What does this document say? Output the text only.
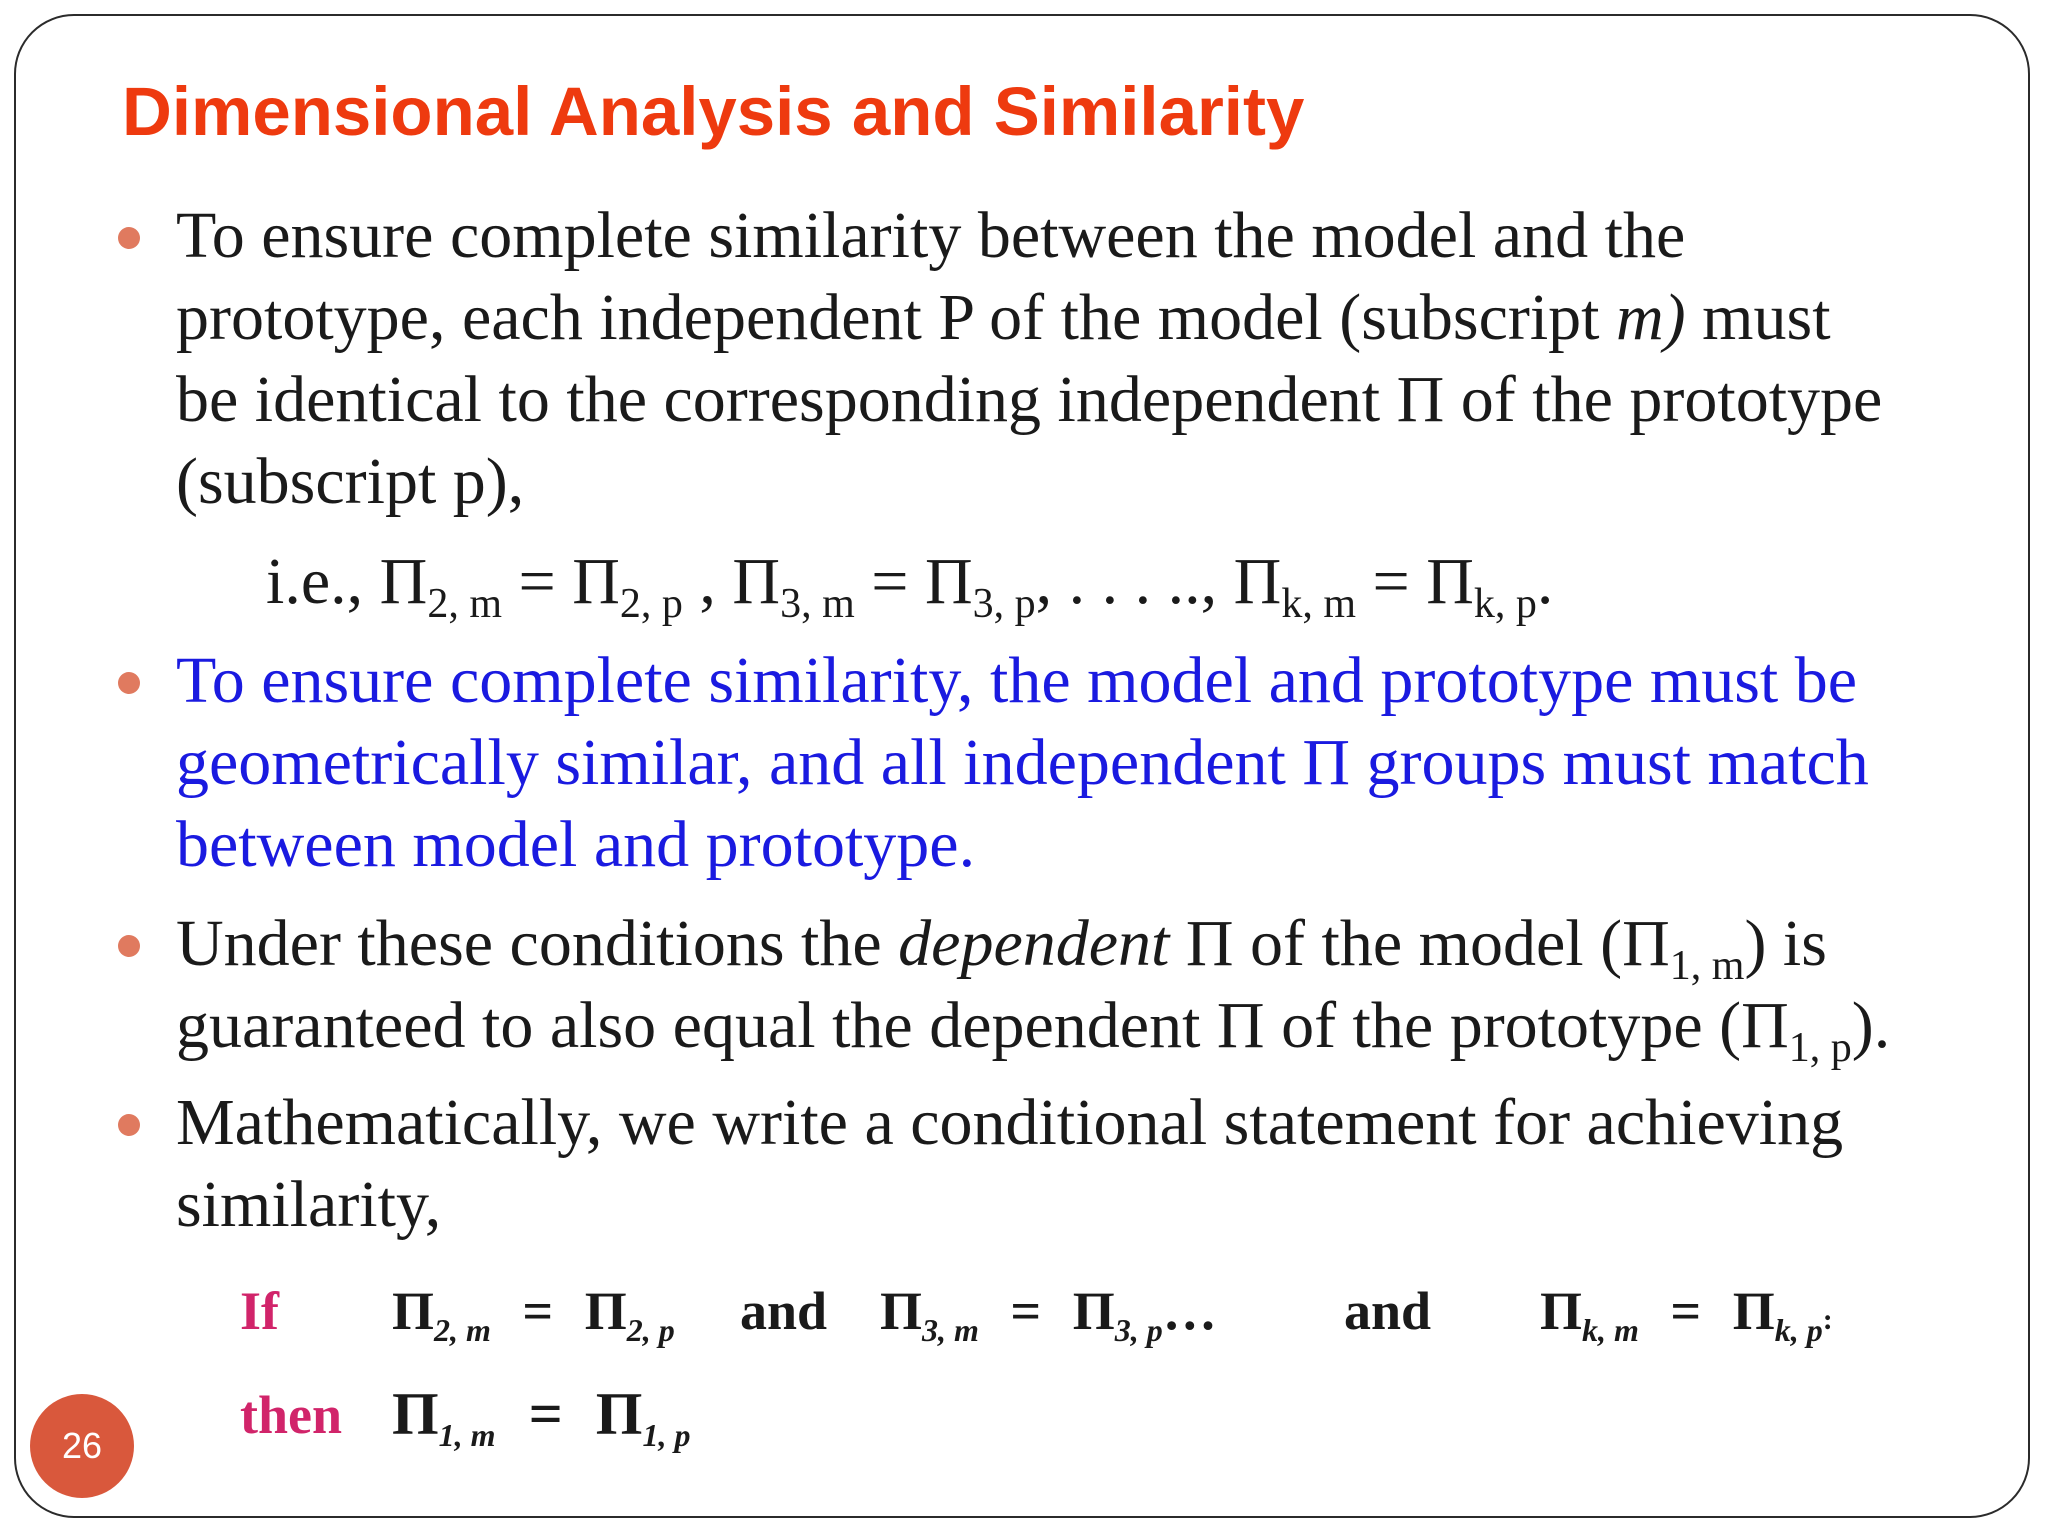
Dimensional Analysis and Similarity
To ensure complete similarity between the model and the
prototype, each independent P of the model (subscript m) must
be identical to the corresponding independent Π of the prototype
(subscript p),
i.e., $\Pi_{2, m} = \Pi_{2, p}$ , $\Pi_{3, m} = \Pi_{3, p}$, . . . .., $\Pi_{k, m} = \Pi_{k, p}$.
To ensure complete similarity, the model and prototype must be
geometrically similar, and all independent Π groups must match
between model and prototype.
Under these conditions the dependent Π of the model $(\Pi_{1, m})$ is
guaranteed to also equal the dependent Π of the prototype $(\Pi_{1, p})$.
Mathematically, we write a conditional statement for achieving
similarity,
If $\Pi_{2, m} = \Pi_{2, p}$ and $\Pi_{3, m}$ = $\Pi_{3, p}\dots$ and $\Pi_{k, m} = \Pi_{k, p}$:
then $\Pi_{1, m} = \Pi_{1, p}$
26
